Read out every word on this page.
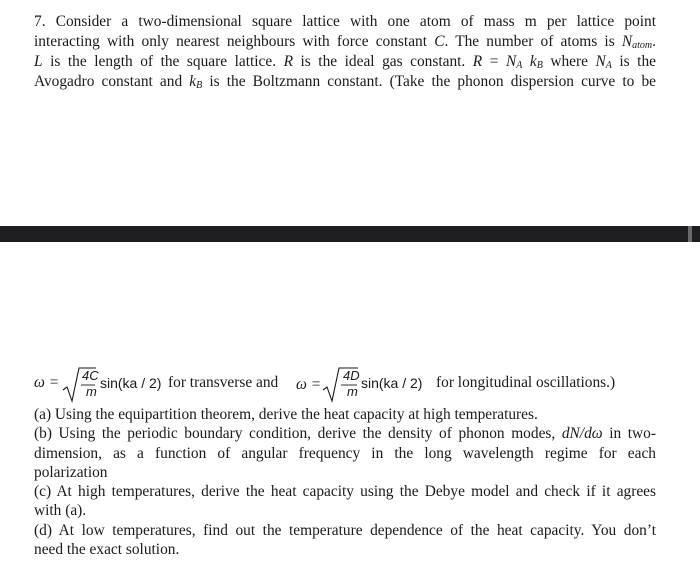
7. Consider a two-dimensional square lattice with one atom of mass m per lattice point
interacting with only nearest neighbours with force constant C. The number of atoms is $N_{atom}$.
L is the length of the square lattice. R is the ideal gas constant. $R = N_A$ $k_B$ where $N_A$ is the
Avogadro constant and $k_B$ is the Boltzmann constant. (Take the phonon dispersion curve to be
ω = 4C
m
sin(ka / 2) for transverse and ω =
4D
m
sin(ka / 2) for longitudinal oscillations.)

(a) Using the equipartition theorem, derive the heat capacity at high temperatures.

(b) Using the periodic boundary condition, derive the density of phonon modes, dN/dω in two-
dimension, as a function of angular frequency in the long wavelength regime for each
polarization

(c) At high temperatures, derive the heat capacity using the Debye model and check if it agrees
with (a).

(d) At low temperatures, find out the temperature dependence of the heat capacity. You don’t
need the exact solution.
